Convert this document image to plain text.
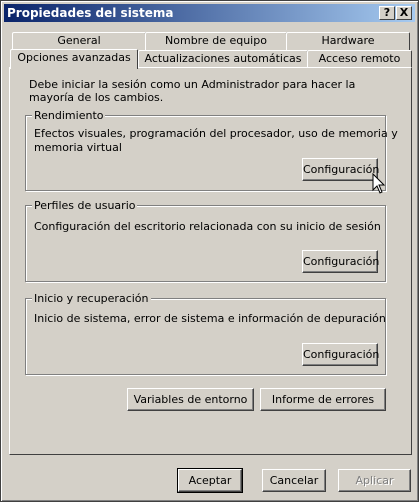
Propiedades del sistema	? X
General	Nombre de equipo	Hardware
Opciones avanzadas	Actualizaciones automáticas	Acceso remoto
Debe iniciar la sesión como un Administrador para hacer la mayoría de los cambios.
Rendimiento
Efectos visuales, programación del procesador, uso de memoria y
memoria virtual
Configuración
Perfiles de usuario
Configuración del escritorio relacionada con su inicio de sesión
Configuración
Inicio y recuperación
Inicio de sistema, error de sistema e información de depuración
Configuración
Variables de entorno	Informe de errores
Aceptar	Cancelar	Aplicar
